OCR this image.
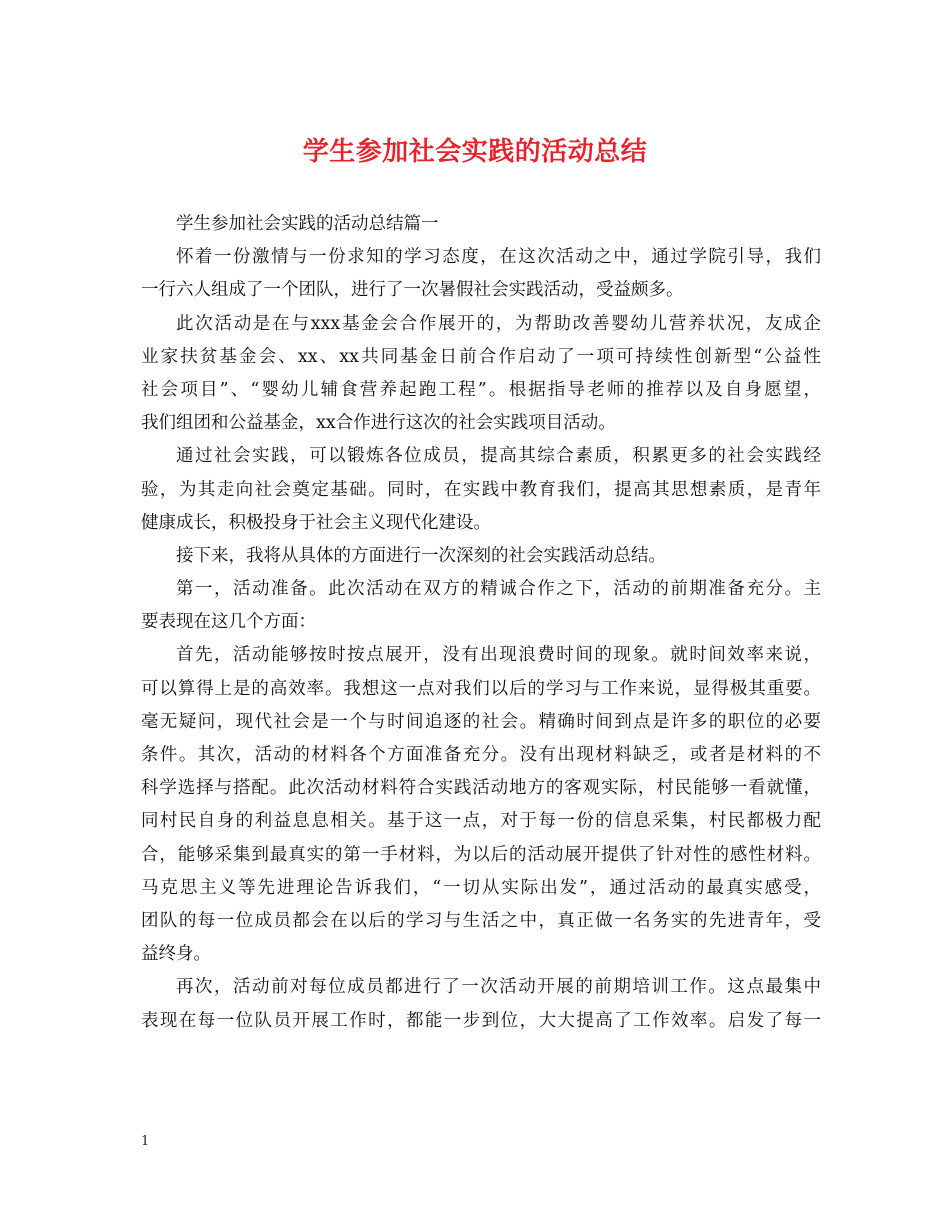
学生参加社会实践的活动总结
学生参加社会实践的活动总结篇一
怀着一份激情与一份求知的学习态度，在这次活动之中，通过学院引导，我们
一行六人组成了一个团队，进行了一次暑假社会实践活动，受益颇多。
此次活动是在与xxx基金会合作展开的，为帮助改善婴幼儿营养状况，友成企
业家扶贫基金会、xx、xx共同基金日前合作启动了一项可持续性创新型“公益性
社会项目”、“婴幼儿辅食营养起跑工程”。根据指导老师的推荐以及自身愿望，
我们组团和公益基金，xx合作进行这次的社会实践项目活动。
通过社会实践，可以锻炼各位成员，提高其综合素质，积累更多的社会实践经
验，为其走向社会奠定基础。同时，在实践中教育我们，提高其思想素质，是青年
健康成长，积极投身于社会主义现代化建设。
接下来，我将从具体的方面进行一次深刻的社会实践活动总结。
第一，活动准备。此次活动在双方的精诚合作之下，活动的前期准备充分。主
要表现在这几个方面：
首先，活动能够按时按点展开，没有出现浪费时间的现象。就时间效率来说，
可以算得上是的高效率。我想这一点对我们以后的学习与工作来说，显得极其重要。
毫无疑问，现代社会是一个与时间追逐的社会。精确时间到点是许多的职位的必要
条件。其次，活动的材料各个方面准备充分。没有出现材料缺乏，或者是材料的不
科学选择与搭配。此次活动材料符合实践活动地方的客观实际，村民能够一看就懂，
同村民自身的利益息息相关。基于这一点，对于每一份的信息采集，村民都极力配
合，能够采集到最真实的第一手材料，为以后的活动展开提供了针对性的感性材料。
马克思主义等先进理论告诉我们，“一切从实际出发”，通过活动的最真实感受，
团队的每一位成员都会在以后的学习与生活之中，真正做一名务实的先进青年，受
益终身。
再次，活动前对每位成员都进行了一次活动开展的前期培训工作。这点最集中
表现在每一位队员开展工作时，都能一步到位，大大提高了工作效率。启发了每一
1
